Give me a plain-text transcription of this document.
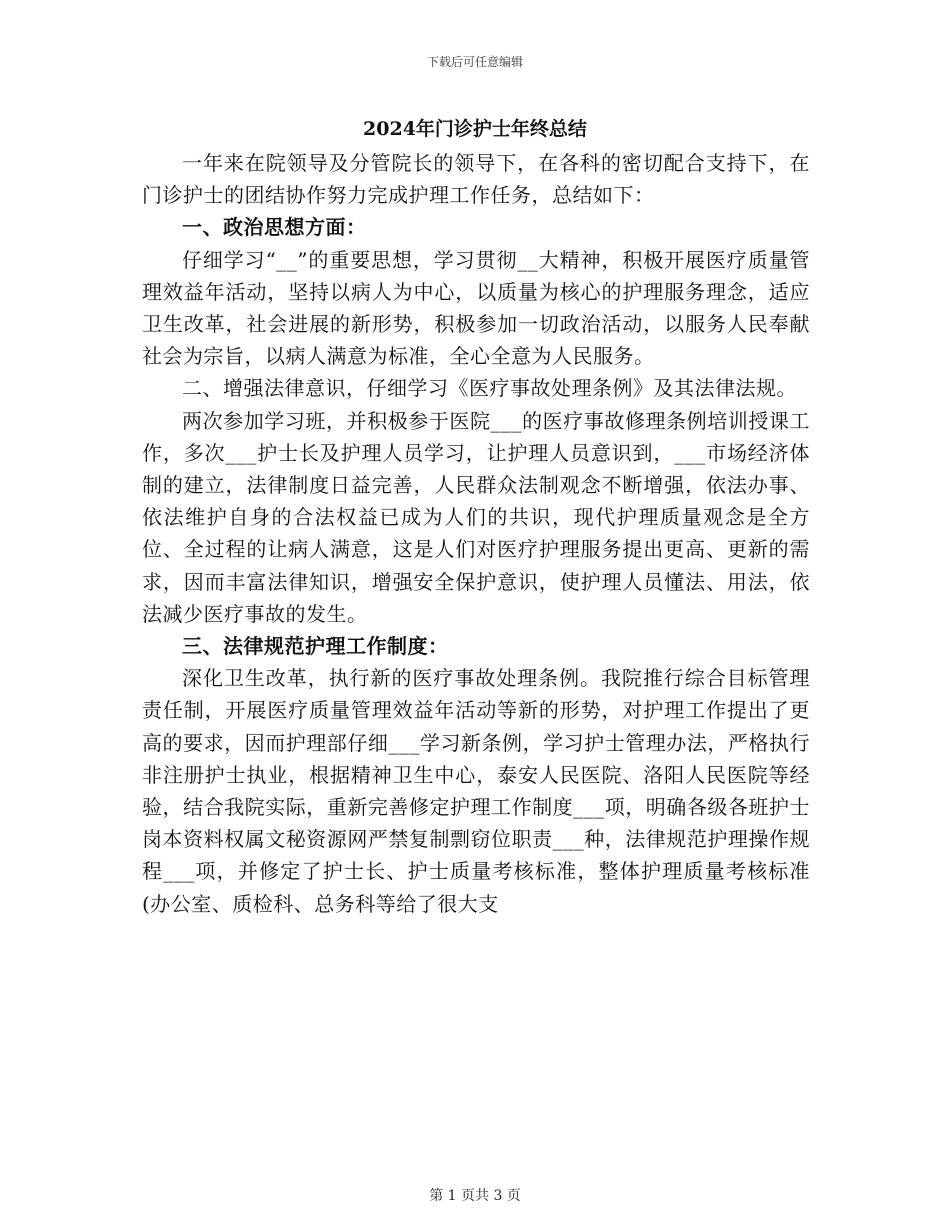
下载后可任意编辑
2024年门诊护士年终总结

一年来在院领导及分管院长的领导下，在各科的密切配合支持下，在门诊护士的团结协作努力完成护理工作任务，总结如下：

一、政治思想方面：

仔细学习“__”的重要思想，学习贯彻__大精神，积极开展医疗质量管理效益年活动，坚持以病人为中心，以质量为核心的护理服务理念，适应卫生改革，社会进展的新形势，积极参加一切政治活动，以服务人民奉献社会为宗旨，以病人满意为标准，全心全意为人民服务。

二、增强法律意识，仔细学习《医疗事故处理条例》及其法律法规。

两次参加学习班，并积极参于医院___的医疗事故修理条例培训授课工作，多次___护士长及护理人员学习，让护理人员意识到，___市场经济体制的建立，法律制度日益完善，人民群众法制观念不断增强，依法办事、依法维护自身的合法权益已成为人们的共识，现代护理质量观念是全方位、全过程的让病人满意，这是人们对医疗护理服务提出更高、更新的需求，因而丰富法律知识，增强安全保护意识，使护理人员懂法、用法，依法减少医疗事故的发生。

三、法律规范护理工作制度：

深化卫生改革，执行新的医疗事故处理条例。我院推行综合目标管理责任制，开展医疗质量管理效益年活动等新的形势，对护理工作提出了更高的要求，因而护理部仔细___学习新条例，学习护士管理办法，严格执行非注册护士执业，根据精神卫生中心，泰安人民医院、洛阳人民医院等经验，结合我院实际，重新完善修定护理工作制度___项，明确各级各班护士岗本资料权属文秘资源网严禁复制剽窃位职责___种，法律规范护理操作规程___项，并修定了护士长、护士质量考核标准，整体护理质量考核标准(办公室、质检科、总务科等给了很大支

第 1 页共 3 页
